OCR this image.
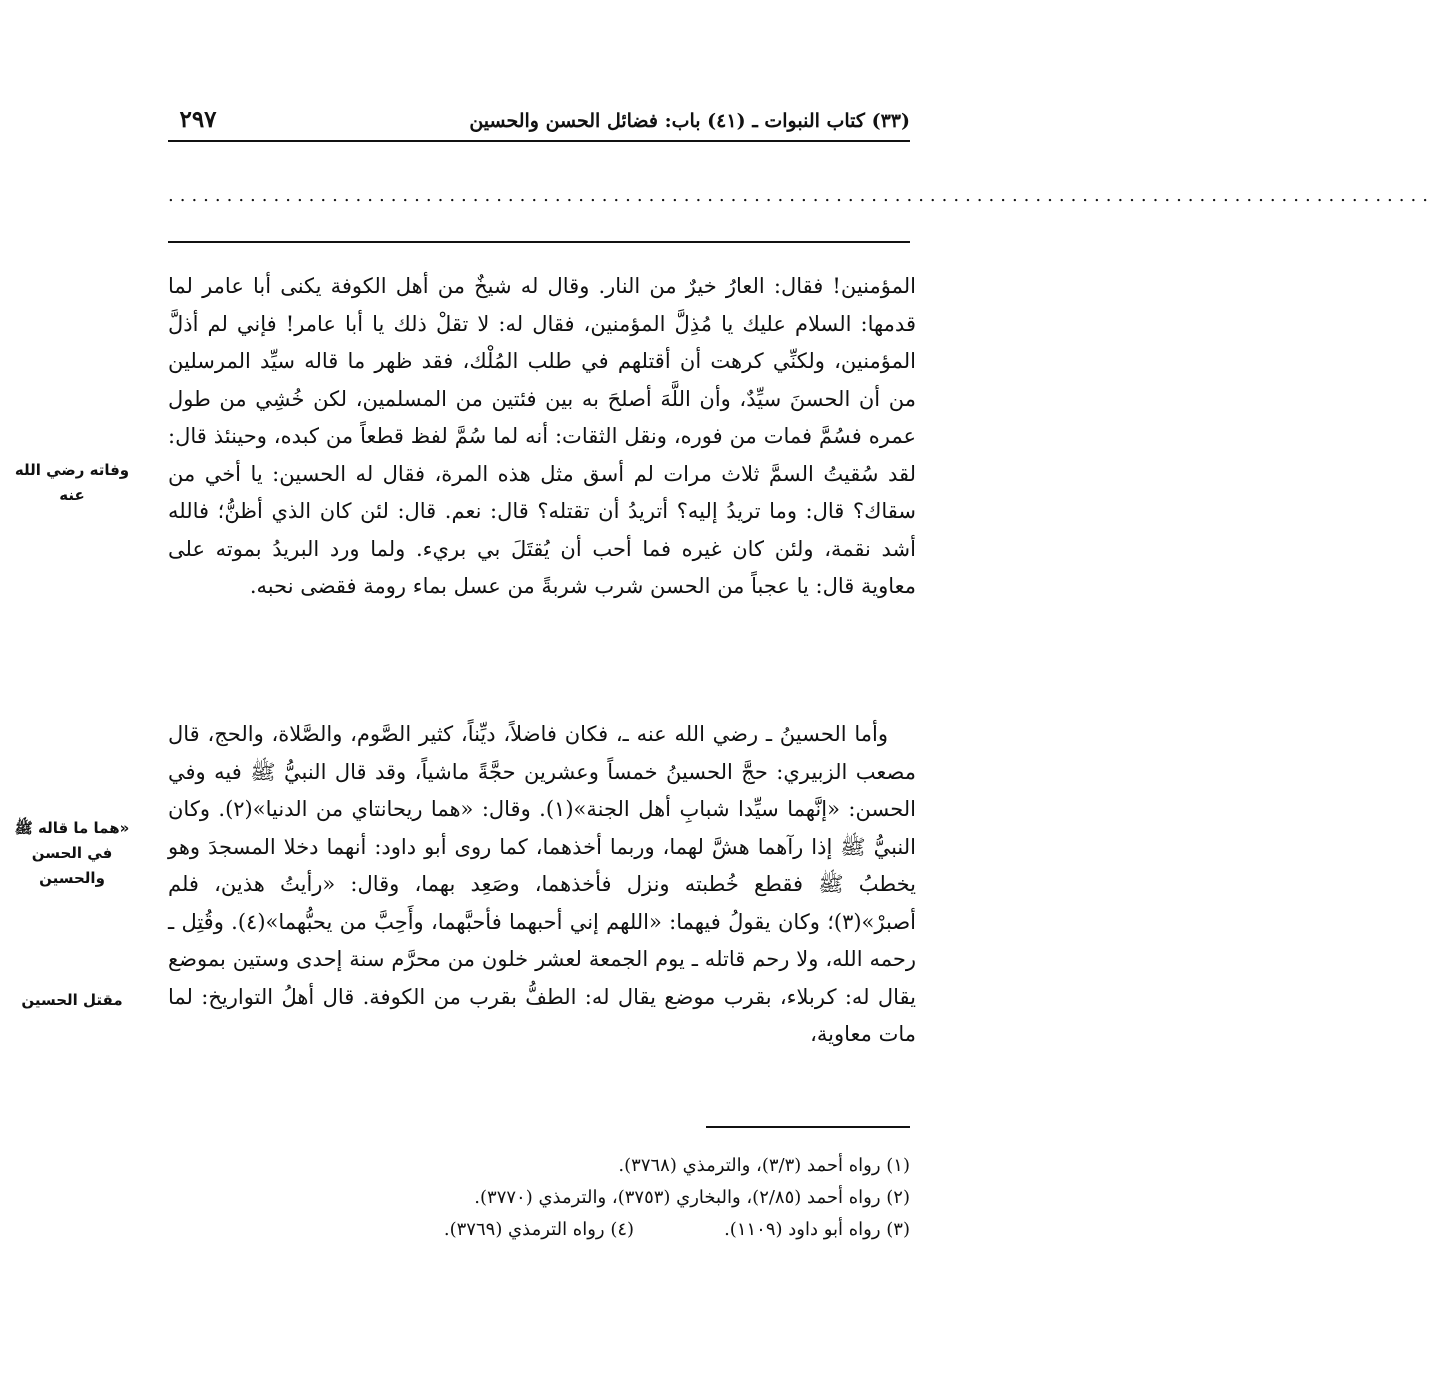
(٣٣) كتاب النبوات ـ (٤١) باب: فضائل الحسن والحسين
٢٩٧
............................................................................................................

المؤمنين! فقال: العارُ خيرٌ من النار. وقال له شيخٌ من أهل الكوفة يكنى أبا عامر لما قدمها: السلام عليك يا مُذِلَّ المؤمنين، فقال له: لا تقلْ ذلك يا أبا عامر! فإني لم أذلَّ المؤمنين، ولكنِّي كرهت أن أقتلهم في طلب المُلْك، فقد ظهر ما قاله سيِّد المرسلين من أن الحسنَ سيِّدٌ، وأن اللَّهَ أصلحَ به بين فئتين من المسلمين، لكن خُشِي من طول عمره فسُمَّ فمات من فوره، ونقل الثقات: أنه لما سُمَّ لفظ قطعاً من كبده، وحينئذ قال: لقد سُقيتُ السمَّ ثلاث مرات لم أسق مثل هذه المرة، فقال له الحسين: يا أخي من سقاك؟ قال: وما تريدُ إليه؟ أتريدُ أن تقتله؟ قال: نعم. قال: لئن كان الذي أظنُّ؛ فالله أشد نقمة، ولئن كان غيره فما أحب أن يُقتَلَ بي بريء. ولما ورد البريدُ بموته على معاوية قال: يا عجباً من الحسن شرب شربةً من عسل بماء رومة فقضى نحبه.

وأما الحسينُ ـ رضي الله عنه ـ، فكان فاضلاً، ديِّناً، كثير الصَّوم، والصَّلاة، والحج، قال مصعب الزبيري: حجَّ الحسينُ خمساً وعشرين حجَّةً ماشياً، وقد قال النبيُّ ﷺ فيه وفي الحسن: «إنَّهما سيِّدا شبابِ أهل الجنة»(١). وقال: «هما ريحانتاي من الدنيا»(٢). وكان النبيُّ ﷺ إذا رآهما هشَّ لهما، وربما أخذهما، كما روى أبو داود: أنهما دخلا المسجدَ وهو يخطبُ ﷺ فقطع خُطبته ونزل فأخذهما، وصَعِد بهما، وقال: «رأيتُ هذين، فلم أصبرْ»(٣)؛ وكان يقولُ فيهما: «اللهم إني أحبهما فأحبَّهما، وأَحِبَّ من يحبُّهما»(٤). وقُتِل ـ رحمه الله، ولا رحم قاتله ـ يوم الجمعة لعشر خلون من محرَّم سنة إحدى وستين بموضع يقال له: كربلاء، بقرب موضع يقال له: الطفُّ بقرب من الكوفة. قال أهلُ التواريخ: لما مات معاوية،

وفاته رضي الله عنه
«هما ما قاله ﷺ في الحسن والحسين
مقتل الحسين
(١) رواه أحمد (٣/٣)، والترمذي (٣٧٦٨).
(٢) رواه أحمد (٢/٨٥)، والبخاري (٣٧٥٣)، والترمذي (٣٧٧٠).
(٣) رواه أبو داود (١١٠٩).
(٤) رواه الترمذي (٣٧٦٩).
